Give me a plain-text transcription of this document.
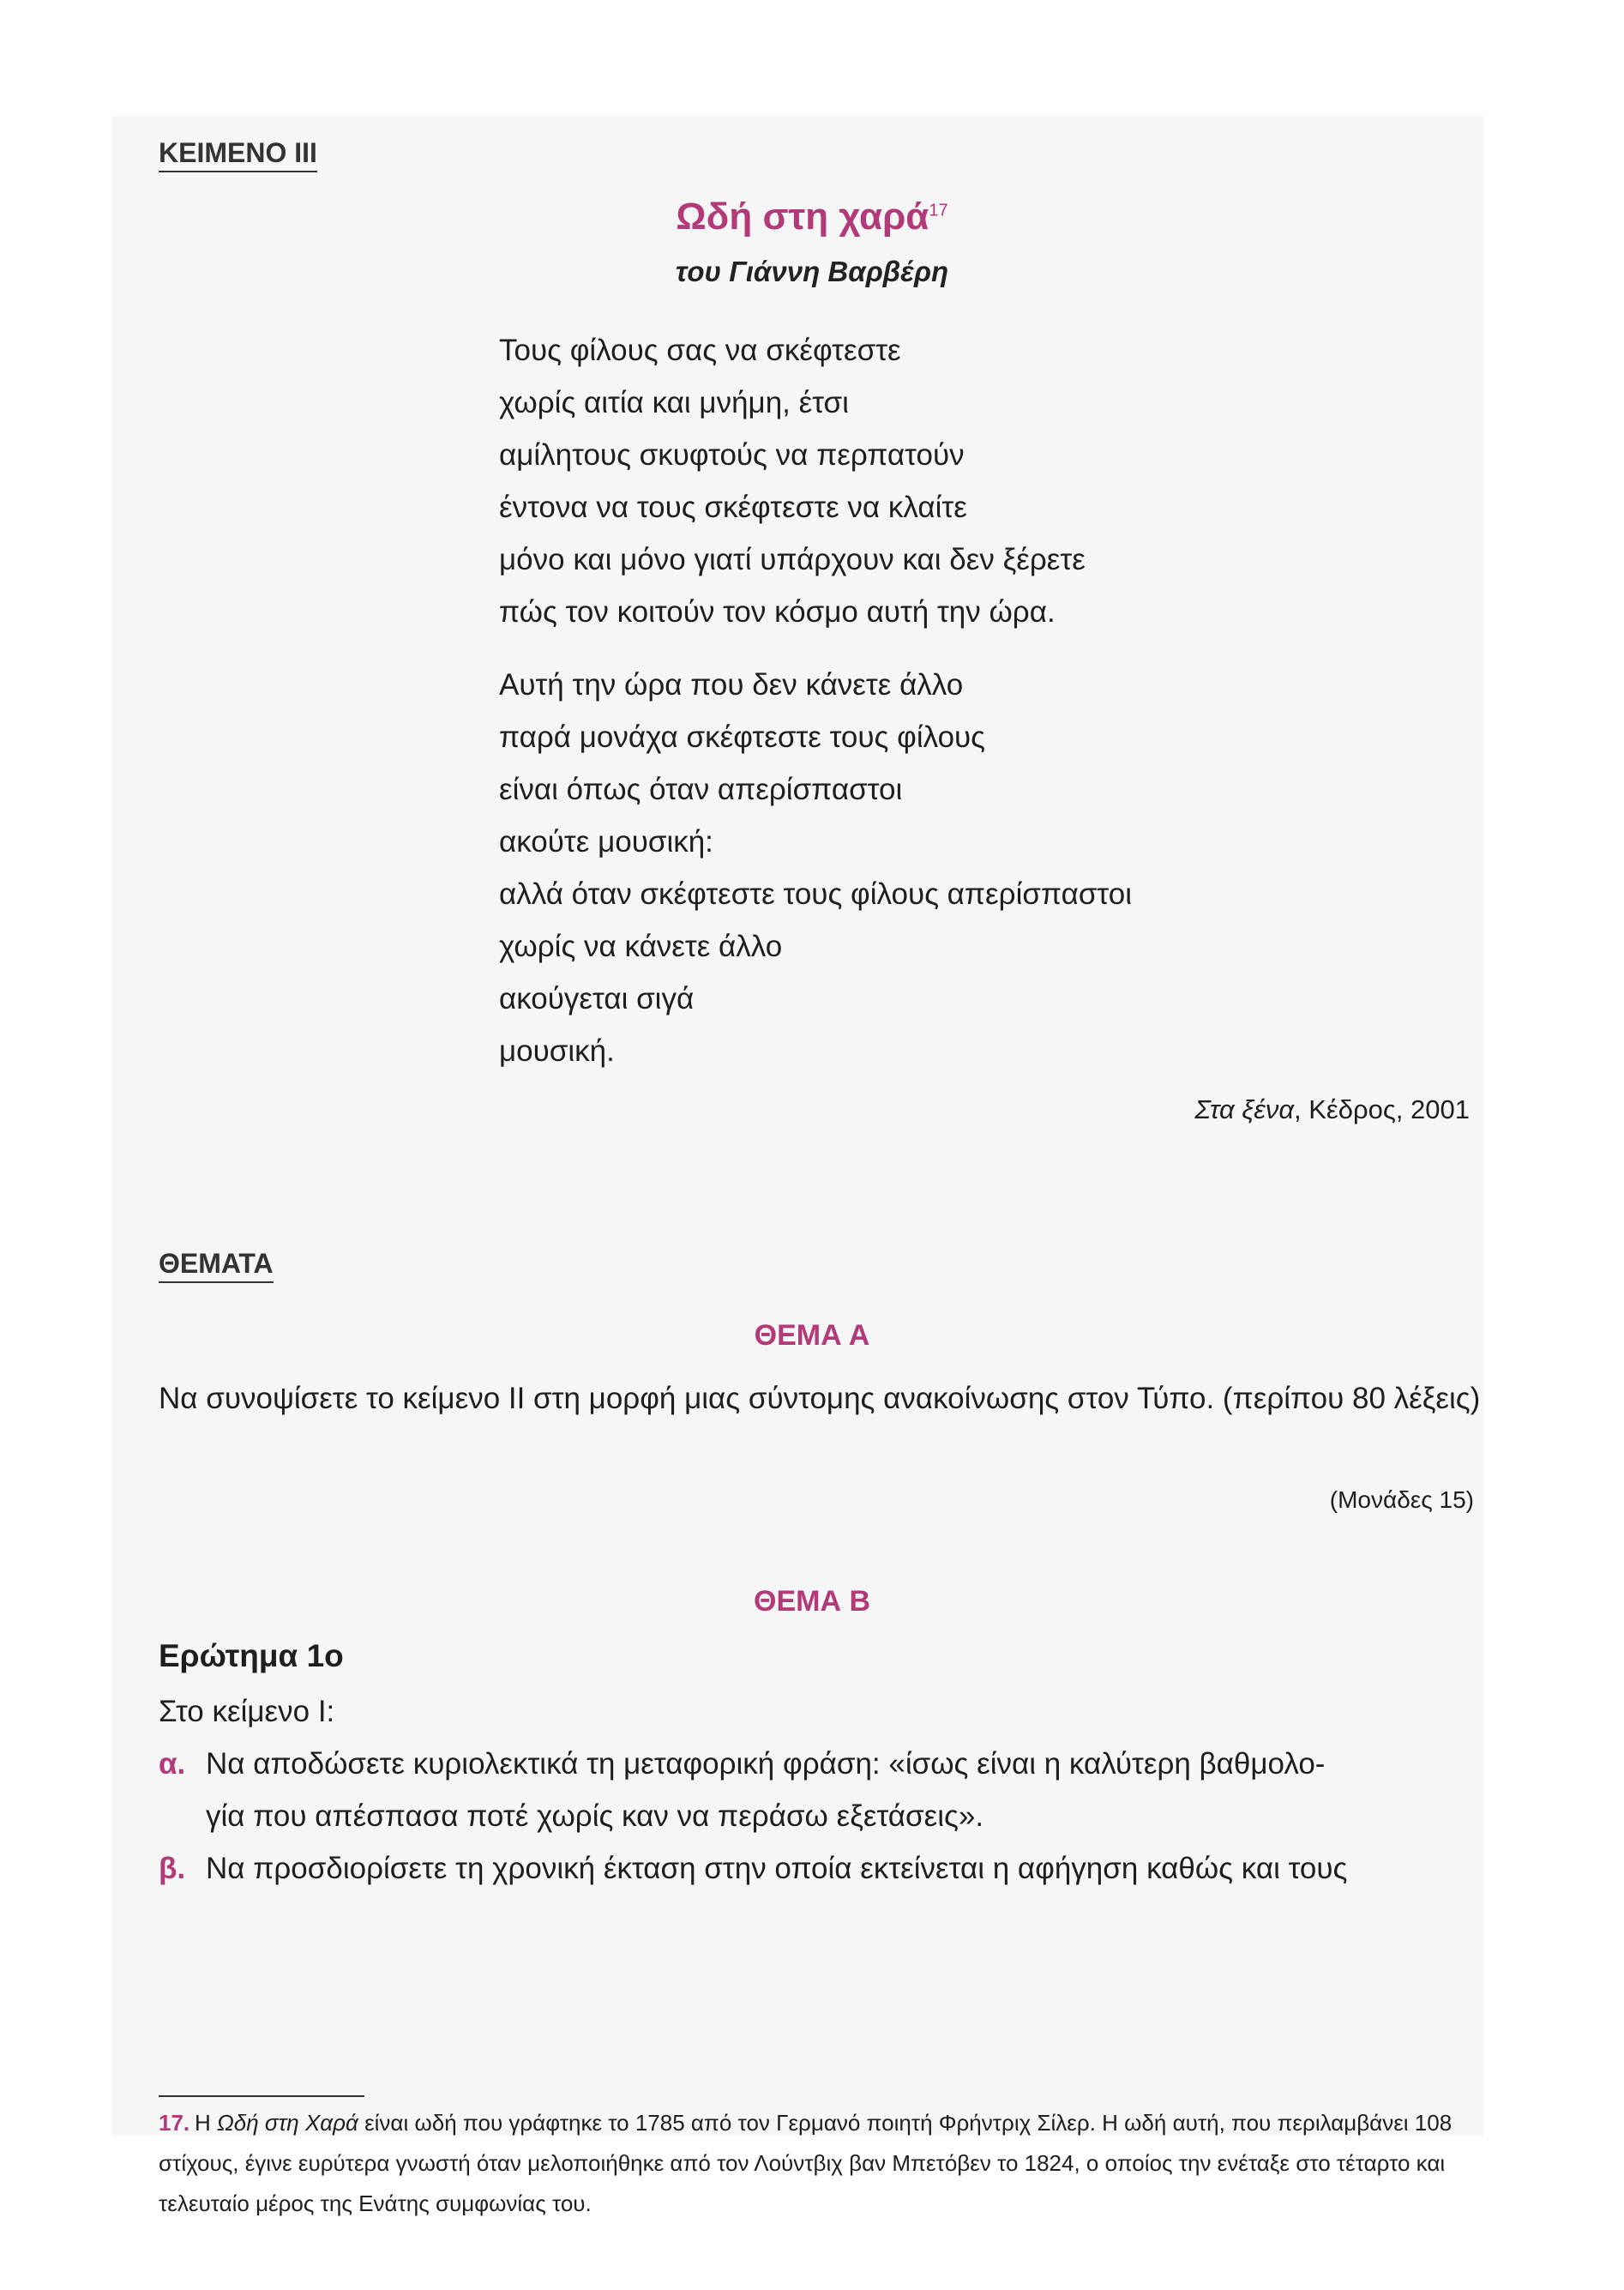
ΚΕΙΜΕΝΟ III
Ωδή στη χαρά$^{17}$
του Γιάννη Βαρβέρη
Τους φίλους σας να σκέφτεστε
χωρίς αιτία και μνήμη, έτσι
αμίλητους σκυφτούς να περπατούν
έντονα να τους σκέφτεστε να κλαίτε
μόνο και μόνο γιατί υπάρχουν και δεν ξέρετε
πώς τον κοιτούν τον κόσμο αυτή την ώρα.
Αυτή την ώρα που δεν κάνετε άλλο
παρά μονάχα σκέφτεστε τους φίλους
είναι όπως όταν απερίσπαστοι
ακούτε μουσική:
αλλά όταν σκέφτεστε τους φίλους απερίσπαστοι
χωρίς να κάνετε άλλο
ακούγεται σιγά
μουσική.
Στα ξένα, Κέδρος, 2001
ΘΕΜΑΤΑ
ΘΕΜΑ Α
Να συνοψίσετε το κείμενο ΙΙ στη μορφή μιας σύντομης ανακοίνωσης στον Τύπο. (περίπου 80 λέξεις)
(Μονάδες 15)
ΘΕΜΑ Β
Ερώτημα 1ο
Στο κείμενο Ι:
α. Να αποδώσετε κυριολεκτικά τη μεταφορική φράση: «ίσως είναι η καλύτερη βαθμολο-
γία που απέσπασα ποτέ χωρίς καν να περάσω εξετάσεις».
β. Να προσδιορίσετε τη χρονική έκταση στην οποία εκτείνεται η αφήγηση καθώς και τους
17. Η Ωδή στη Χαρά είναι ωδή που γράφτηκε το 1785 από τον Γερμανό ποιητή Φρήντριχ Σίλερ. Η ωδή αυτή, που περιλαμβάνει 108 στίχους, έγινε ευρύτερα γνωστή όταν μελοποιήθηκε από τον Λούντβιχ βαν Μπετόβεν το 1824, ο οποίος την ενέταξε στο τέταρτο και τελευταίο μέρος της Ενάτης συμφωνίας του.
